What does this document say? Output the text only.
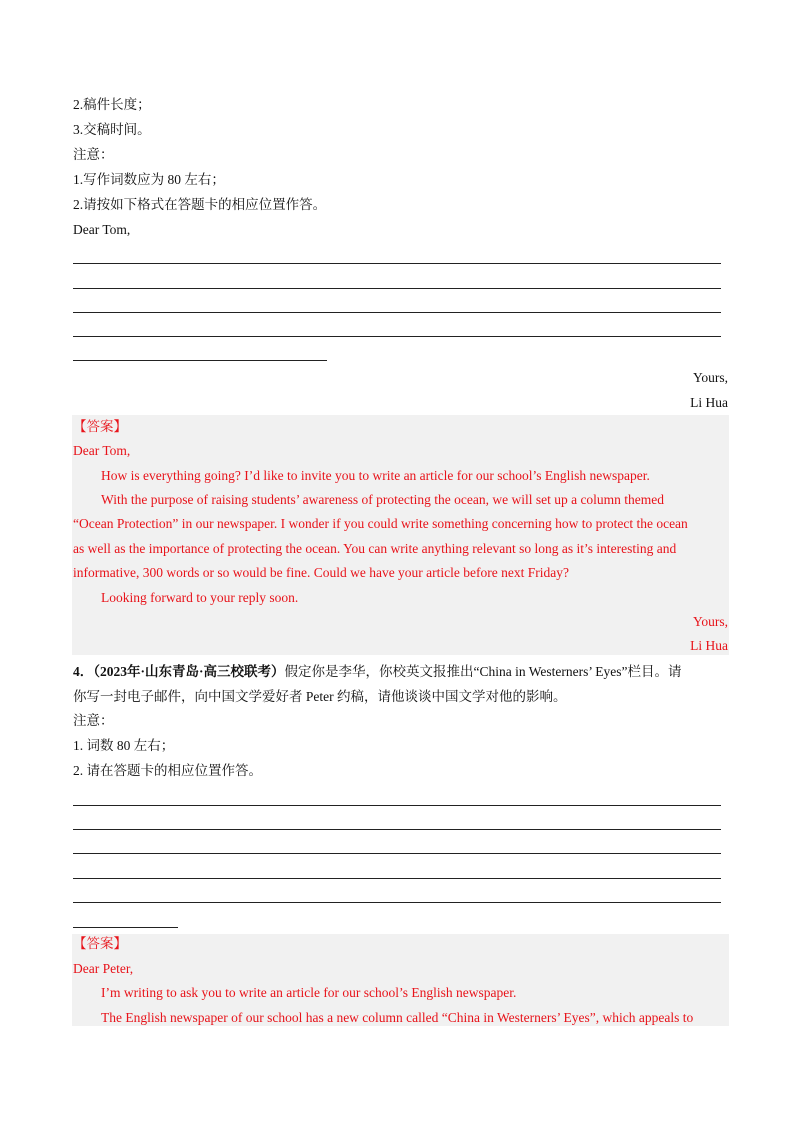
2.稿件长度；
3.交稿时间。
注意：
1.写作词数应为 80 左右；
2.请按如下格式在答题卡的相应位置作答。
Dear Tom,
Yours,
Li Hua
【答案】
Dear Tom,
How is everything going? I’d like to invite you to write an article for our school’s English newspaper.
With the purpose of raising students’ awareness of protecting the ocean, we will set up a column themed
“Ocean Protection” in our newspaper. I wonder if you could write something concerning how to protect the ocean
as well as the importance of protecting the ocean. You can write anything relevant so long as it’s interesting and
informative, 300 words or so would be fine. Could we have your article before next Friday?
Looking forward to your reply soon.
Yours,
Li Hua
4．（2023年·山东青岛·高三校联考）假定你是李华，你校英文报推出“China in Westerners’ Eyes”栏目。请
你写一封电子邮件，向中国文学爱好者 Peter 约稿，请他谈谈中国文学对他的影响。
注意：
1. 词数 80 左右；
2. 请在答题卡的相应位置作答。
【答案】
Dear Peter,
I’m writing to ask you to write an article for our school’s English newspaper.
The English newspaper of our school has a new column called “China in Westerners’ Eyes”, which appeals to
